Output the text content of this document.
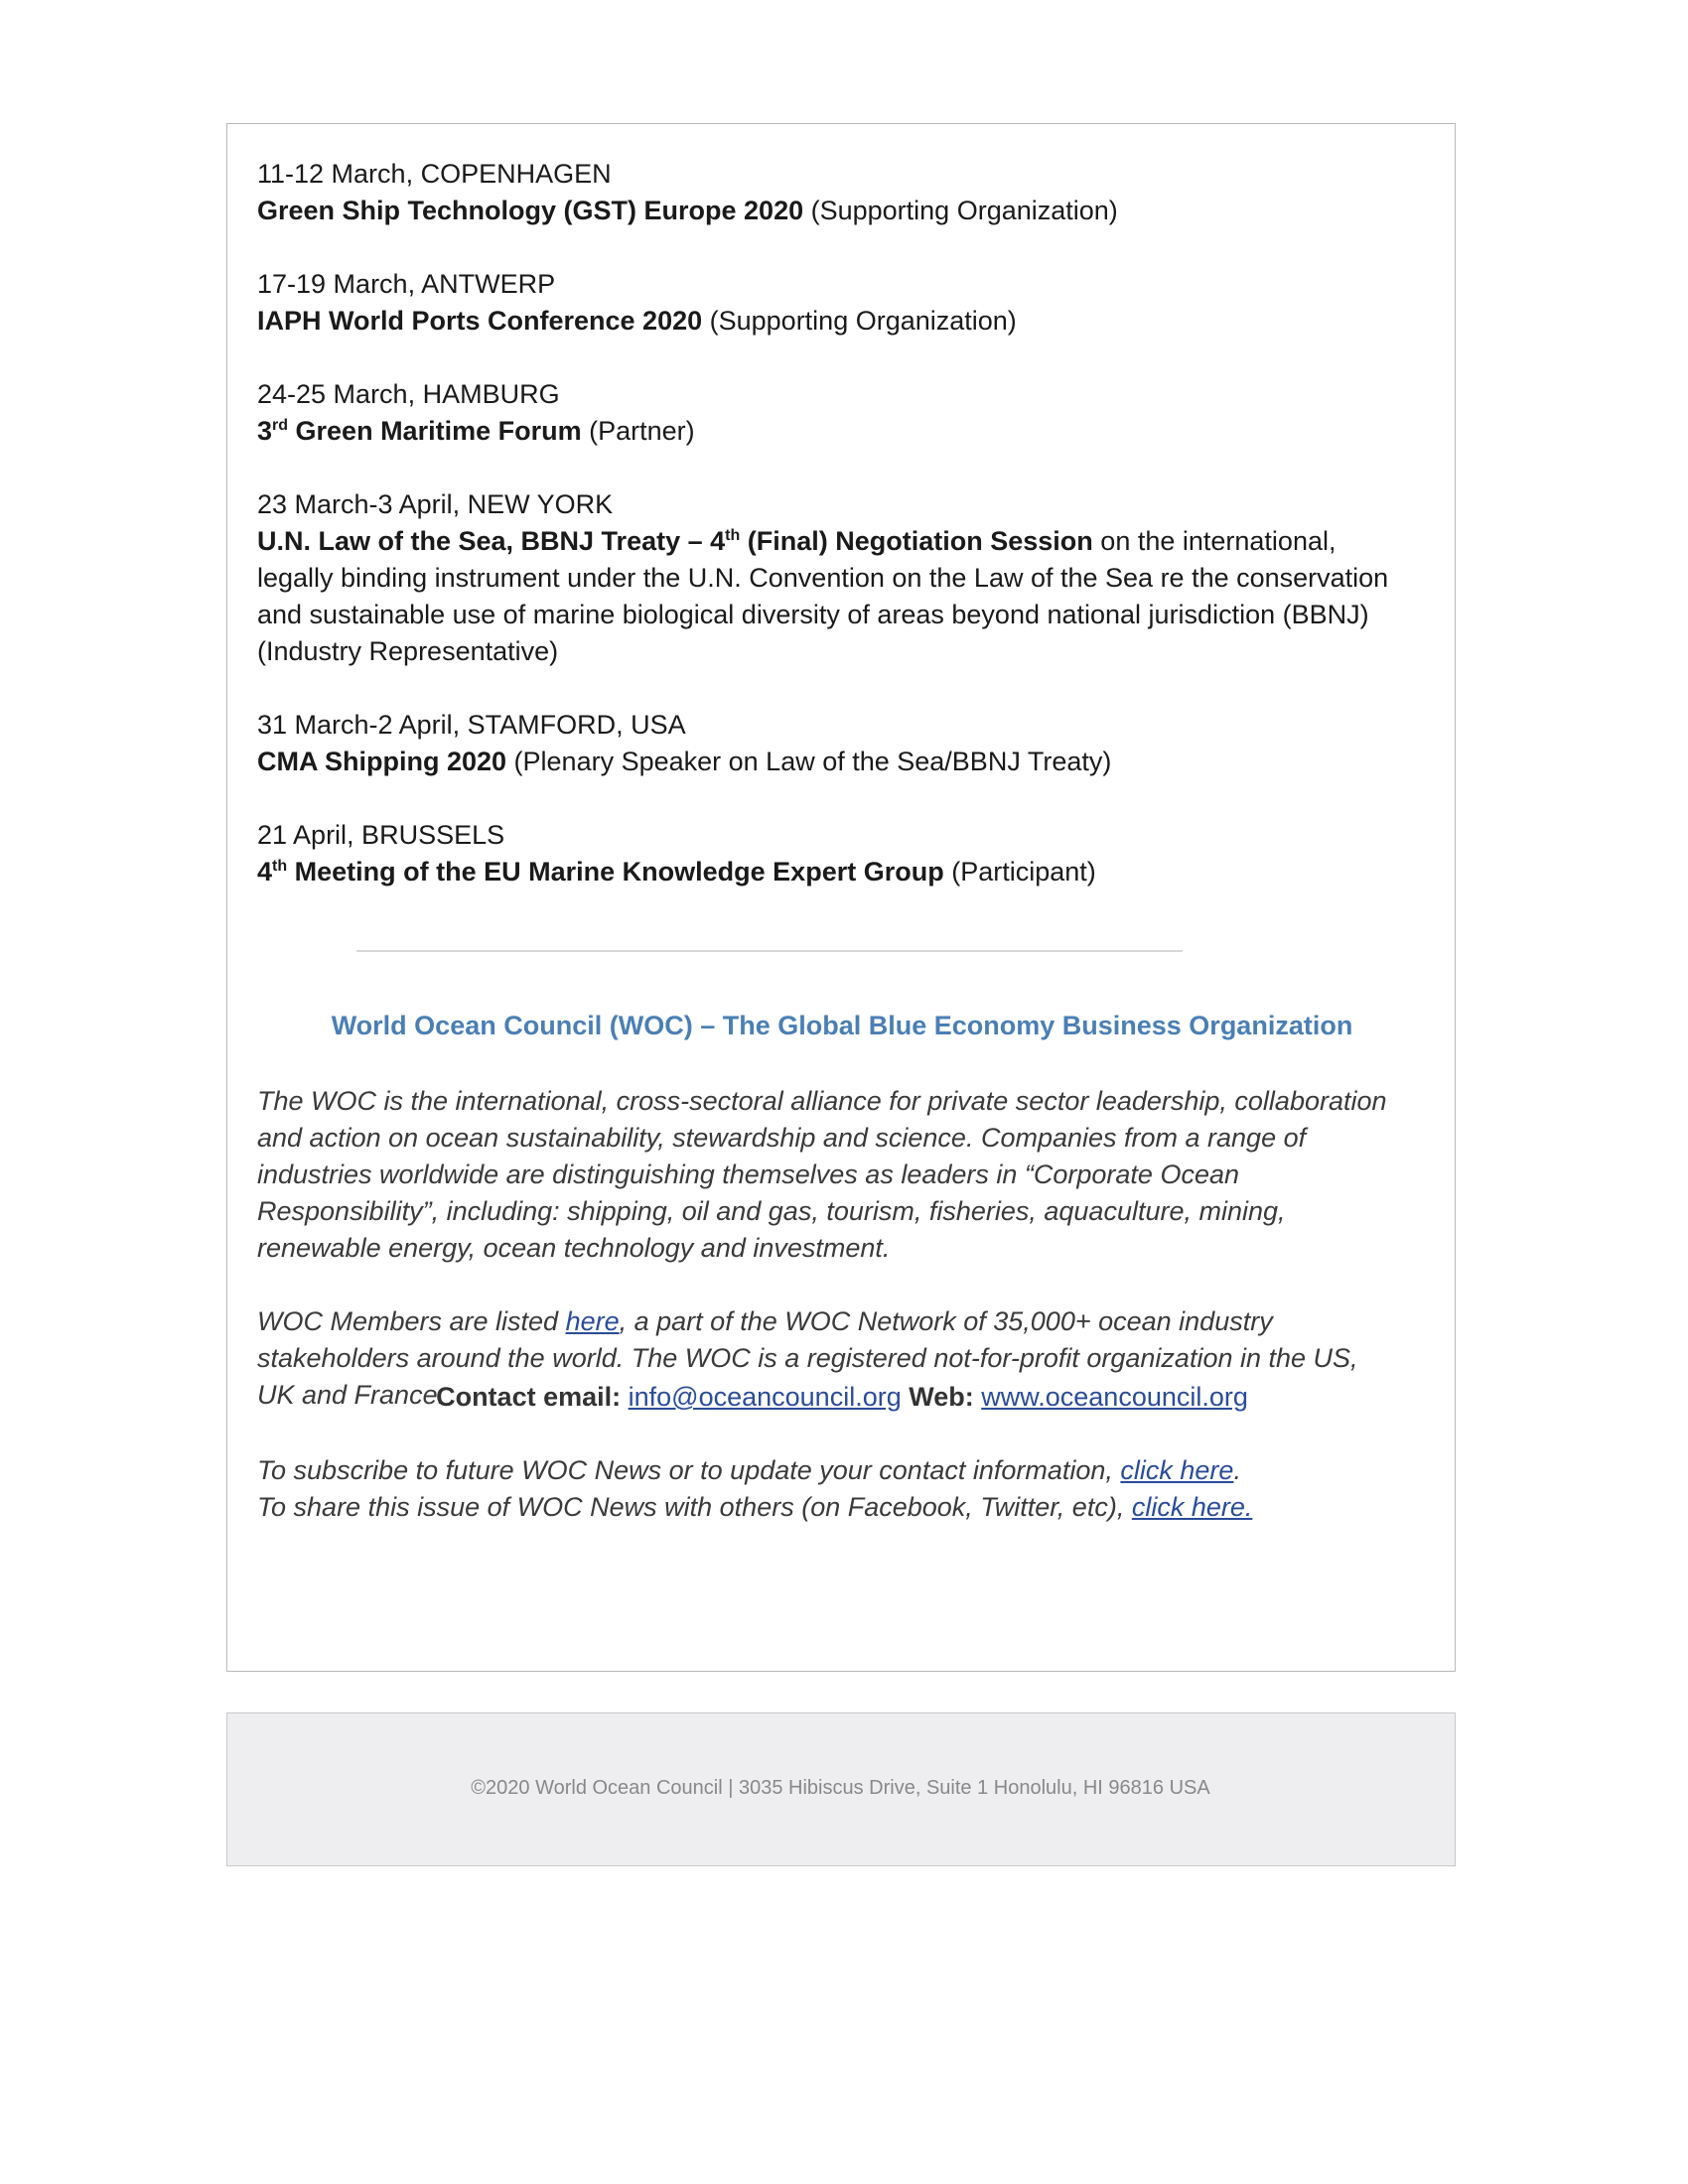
11-12 March, COPENHAGEN
Green Ship Technology (GST) Europe 2020 (Supporting Organization)
17-19 March, ANTWERP
IAPH World Ports Conference 2020 (Supporting Organization)
24-25 March, HAMBURG
3rd Green Maritime Forum (Partner)
23 March-3 April, NEW YORK
U.N. Law of the Sea, BBNJ Treaty – 4th (Final) Negotiation Session on the international, legally binding instrument under the U.N. Convention on the Law of the Sea re the conservation and sustainable use of marine biological diversity of areas beyond national jurisdiction (BBNJ) (Industry Representative)
31 March-2 April, STAMFORD, USA
CMA Shipping 2020 (Plenary Speaker on Law of the Sea/BBNJ Treaty)
21 April, BRUSSELS
4th Meeting of the EU Marine Knowledge Expert Group (Participant)
World Ocean Council (WOC) – The Global Blue Economy Business Organization
The WOC is the international, cross-sectoral alliance for private sector leadership, collaboration and action on ocean sustainability, stewardship and science. Companies from a range of industries worldwide are distinguishing themselves as leaders in “Corporate Ocean Responsibility”, including: shipping, oil and gas, tourism, fisheries, aquaculture, mining, renewable energy, ocean technology and investment.
WOC Members are listed here, a part of the WOC Network of 35,000+ ocean industry stakeholders around the world. The WOC is a registered not-for-profit organization in the US, UK and France.
Contact email: info@oceancouncil.org Web: www.oceancouncil.org
To subscribe to future WOC News or to update your contact information, click here.
To share this issue of WOC News with others (on Facebook, Twitter, etc), click here.
©2020 World Ocean Council | 3035 Hibiscus Drive, Suite 1 Honolulu, HI 96816 USA
